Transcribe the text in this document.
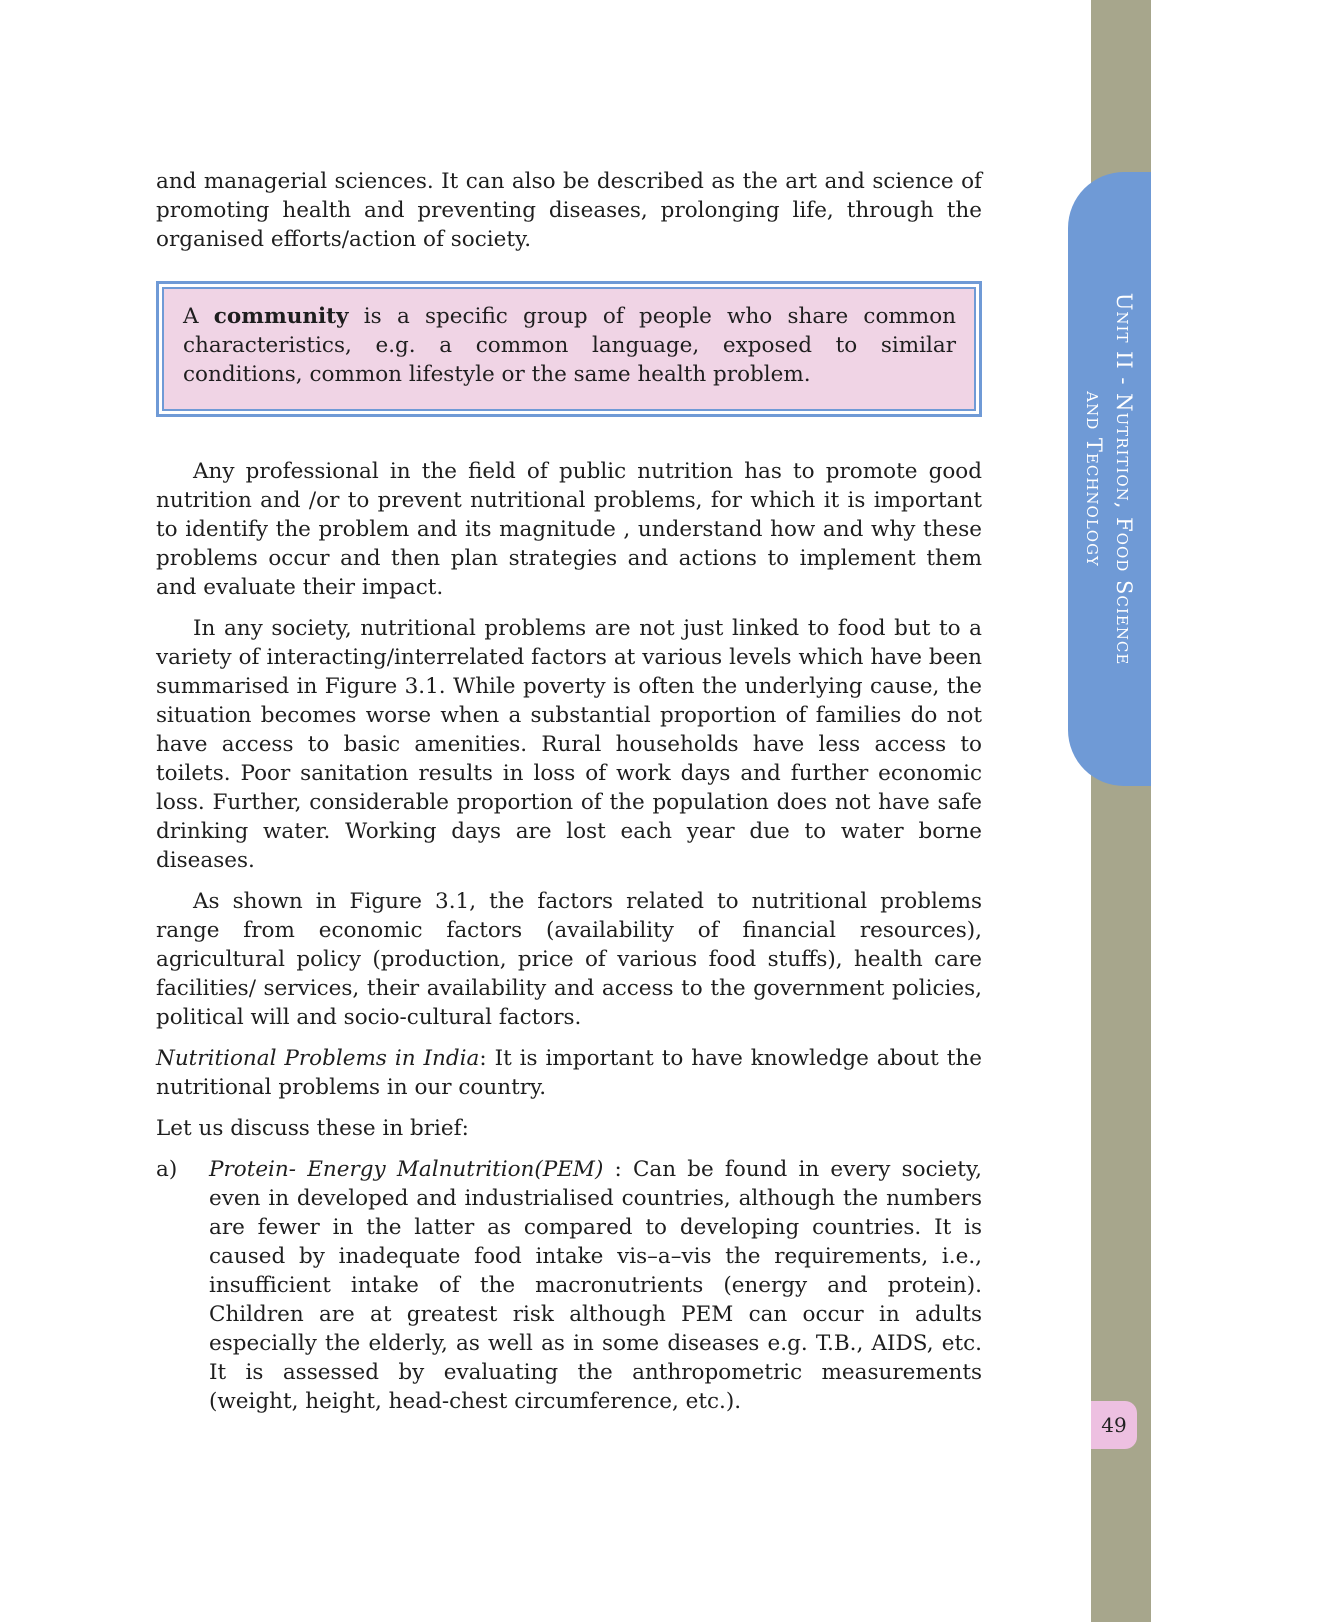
Unit II - Nutrition, Food Science
and Technology
49

and managerial sciences. It can also be described as the art and science of promoting health and preventing diseases, prolonging life, through the organised efforts/action of society.

A community is a specific group of people who share common characteristics, e.g. a common language, exposed to similar conditions, common lifestyle or the same health problem.

Any professional in the field of public nutrition has to promote good nutrition and /or to prevent nutritional problems, for which it is important to identify the problem and its magnitude , understand how and why these problems occur and then plan strategies and actions to implement them and evaluate their impact.

In any society, nutritional problems are not just linked to food but to a variety of interacting/interrelated factors at various levels which have been summarised in Figure 3.1. While poverty is often the underlying cause, the situation becomes worse when a substantial proportion of families do not have access to basic amenities. Rural households have less access to toilets. Poor sanitation results in loss of work days and further economic loss. Further, considerable proportion of the population does not have safe drinking water. Working days are lost each year due to water borne diseases.

As shown in Figure 3.1, the factors related to nutritional problems range from economic factors (availability of financial resources), agricultural policy (production, price of various food stuffs), health care facilities/ services, their availability and access to the government policies, political will and socio-cultural factors.

Nutritional Problems in India: It is important to have knowledge about the nutritional problems in our country.

Let us discuss these in brief:

a)	Protein- Energy Malnutrition(PEM) : Can be found in every society, even in developed and industrialised countries, although the numbers are fewer in the latter as compared to developing countries. It is caused by inadequate food intake vis–a–vis the requirements, i.e., insufficient intake of the macronutrients (energy and protein). Children are at greatest risk although PEM can occur in adults especially the elderly, as well as in some diseases e.g. T.B., AIDS, etc. It is assessed by evaluating the anthropometric measurements (weight, height, head-chest circumference, etc.).
